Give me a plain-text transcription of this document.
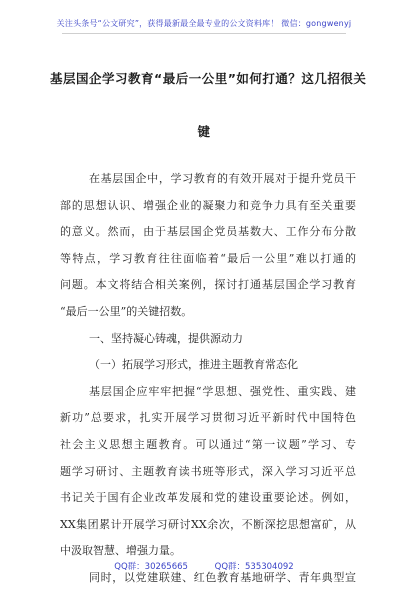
关注头条号“公文研究”，获得最新最全最专业的公文资料库！ 微信：gongwenyj
基层国企学习教育“最后一公里”如何打通？这几招很关
键
在基层国企中，学习教育的有效开展对于提升党员干
部的思想认识、增强企业的凝聚力和竞争力具有至关重要
的意义。然而，由于基层国企党员基数大、工作分布分散
等特点，学习教育往往面临着“最后一公里”难以打通的
问题。本文将结合相关案例，探讨打通基层国企学习教育
“最后一公里”的关键招数。
一、坚持凝心铸魂，提供源动力
（一）拓展学习形式，推进主题教育常态化
基层国企应牢牢把握“学思想、强党性、重实践、建
新功”总要求，扎实开展学习贯彻习近平新时代中国特色
社会主义思想主题教育。可以通过“第一议题”学习、专
题学习研讨、主题教育读书班等形式，深入学习习近平总
书记关于国有企业改革发展和党的建设重要论述。例如，
XX集团累计开展学习研讨XX余次，不断深挖思想富矿，从
中汲取智慧、增强力量。
同时，以党建联建、红色教育基地研学、青年典型宣
QQ群：30265665	QQ群：535304092
